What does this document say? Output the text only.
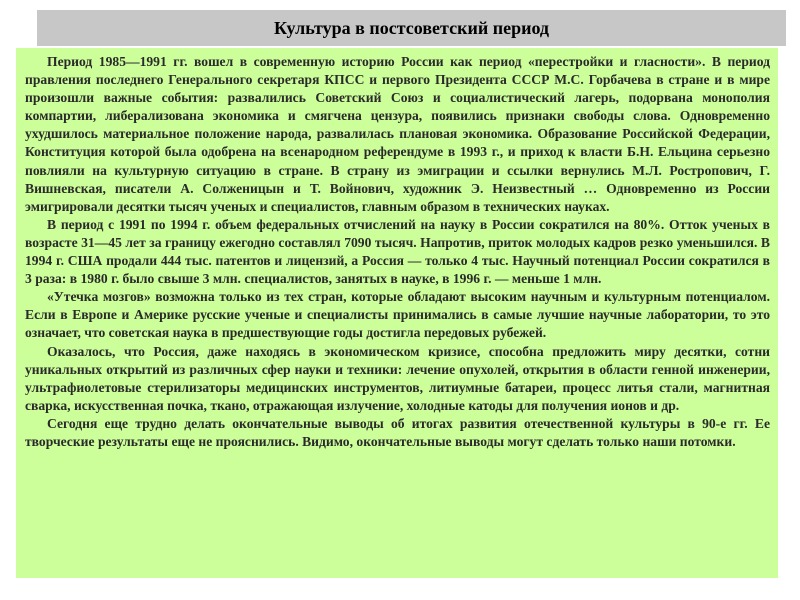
Культура в постсоветский период

Период 1985—1991 гг. вошел в современную историю России как период «перестройки и гласности». В период правления последнего Генерального секретаря КПСС и первого Президента СССР М.С. Горбачева в стране и в мире произошли важные события: развалились Советский Союз и социалистический лагерь, подорвана монополия компартии, либерализована экономика и смягчена цензура, появились признаки свободы слова. Одновременно ухудшилось материальное положение народа, развалилась плановая экономика. Образование Российской Федерации, Конституция которой была одобрена на всенародном референдуме в 1993 г., и приход к власти Б.Н. Ельцина серьезно повлияли на культурную ситуацию в стране. В страну из эмиграции и ссылки вернулись М.Л. Ростропович, Г. Вишневская, писатели А. Солженицын и Т. Войнович, художник Э. Неизвестный … Одновременно из России эмигрировали десятки тысяч ученых и специалистов, главным образом в технических науках.

В период с 1991 по 1994 г. объем федеральных отчислений на науку в России сократился на 80%. Отток ученых в возрасте 31—45 лет за границу ежегодно составлял 7090 тысяч. Напротив, приток молодых кадров резко уменьшился. В 1994 г. США продали 444 тыс. патентов и лицензий, а Россия — только 4 тыс. Научный потенциал России сократился в 3 раза: в 1980 г. было свыше 3 млн. специалистов, занятых в науке, в 1996 г. — меньше 1 млн.

«Утечка мозгов» возможна только из тех стран, которые обладают высоким научным и культурным потенциалом. Если в Европе и Америке русские ученые и специалисты принимались в самые лучшие научные лаборатории, то это означает, что советская наука в предшествующие годы достигла передовых рубежей.

Оказалось, что Россия, даже находясь в экономическом кризисе, способна предложить миру десятки, сотни уникальных открытий из различных сфер науки и техники: лечение опухолей, открытия в области генной инженерии, ультрафиолетовые стерилизаторы медицинских инструментов, литиумные батареи, процесс литья стали, магнитная сварка, искусственная почка, ткано, отражающая излучение, холодные катоды для получения ионов и др.

Сегодня еще трудно делать окончательные выводы об итогах развития отечественной культуры в 90-е гг. Ее творческие результаты еще не прояснились. Видимо, окончательные выводы могут сделать только наши потомки.
